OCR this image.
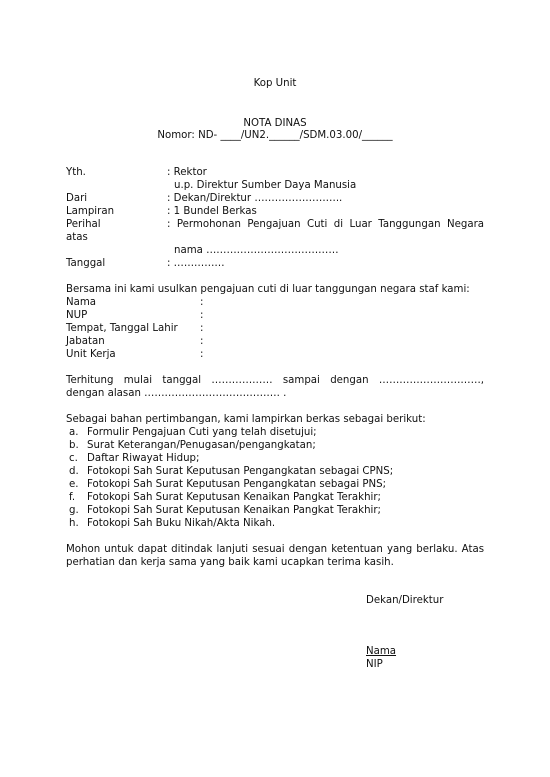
Kop Unit
NOTA DINAS
Nomor: ND- ____/UN2.______/SDM.03.00/______
Yth.	: Rektor
u.p. Direktur Sumber Daya Manusia
Dari	: Dekan/Direktur ……………………..
Lampiran	: 1 Bundel Berkas
Perihal	: Permohonan Pengajuan Cuti di Luar Tanggungan Negara
atas
nama …………………………………
Tanggal	: ……………
Bersama ini kami usulkan pengajuan cuti di luar tanggungan negara staf kami:
Nama	:
NUP	:
Tempat, Tanggal Lahir :
Jabatan	:
Unit Kerja	:
Terhitung mulai tanggal ……………… sampai dengan …………………………,
dengan alasan …………………………………. .
Sebagai bahan pertimbangan, kami lampirkan berkas sebagai berikut:
a. Formulir Pengajuan Cuti yang telah disetujui;
b. Surat Keterangan/Penugasan/pengangkatan;
c. Daftar Riwayat Hidup;
d. Fotokopi Sah Surat Keputusan Pengangkatan sebagai CPNS;
e. Fotokopi Sah Surat Keputusan Pengangkatan sebagai PNS;
f. Fotokopi Sah Surat Keputusan Kenaikan Pangkat Terakhir;
g. Fotokopi Sah Surat Keputusan Kenaikan Pangkat Terakhir;
h. Fotokopi Sah Buku Nikah/Akta Nikah.
Mohon untuk dapat ditindak lanjuti sesuai dengan ketentuan yang berlaku. Atas
perhatian dan kerja sama yang baik kami ucapkan terima kasih.
Dekan/Direktur
Nama
NIP
